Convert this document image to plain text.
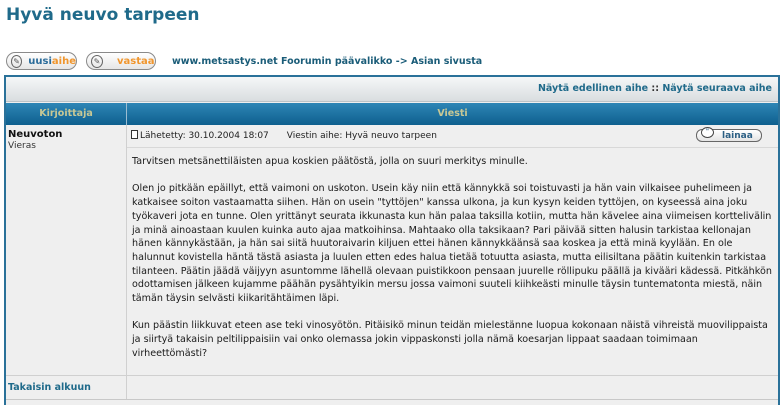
Hyvä neuvo tarpeen
✎ uusi aihe	✎ vastaa www.metsastys.net Foorumin päävalikko -> Asian sivusta
Näytä edellinen aihe :: Näytä seuraava aihe
Kirjoittaja	Viesti
Neuvoton
Vieras
Lähetetty: 30.10.2004 18:07 Viestin aihe: Hyvä neuvo tarpeen	"	lainaa

Tarvitsen metsänettiläisten apua koskien päätöstä, jolla on suuri merkitys minulle.

Olen jo pitkään epäillyt, että vaimoni on uskoton. Usein käy niin että kännykkä soi toistuvasti ja hän vain vilkaisee puhelimeen ja katkaisee soiton vastaamatta siihen. Hän on usein "tyttöjen" kanssa ulkona, ja kun kysyn keiden tyttöjen, on kyseessä aina joku työkaveri jota en tunne. Olen yrittänyt seurata ikkunasta kun hän palaa taksilla kotiin, mutta hän kävelee aina viimeisen korttelivälin ja minä ainoastaan kuulen kuinka auto ajaa matkoihinsa. Mahtaako olla taksikaan? Pari päivää sitten halusin tarkistaa kellonajan hänen kännykästään, ja hän sai siitä huutoraivarin kiljuen ettei hänen kännykkäänsä saa koskea ja että minä kyylään. En ole halunnut kovistella häntä tästä asiasta ja luulen etten edes halua tietää totuutta asiasta, mutta eilisiltana päätin kuitenkin tarkistaa tilanteen. Päätin jäädä väijyyn asuntomme lähellä olevaan puistikkoon pensaan juurelle röllipuku päällä ja kivääri kädessä. Pitkähkön odottamisen jälkeen kujamme päähän pysähtyikin mersu jossa vaimoni suuteli kiihkeästi minulle täysin tuntematonta miestä, näin tämän täysin selvästi kiikaritähtäimen läpi.

Kun päästin liikkuvat eteen ase teki vinosyötön. Pitäisikö minun teidän mielestänne luopua kokonaan näistä vihreistä muovilippaista ja siirtyä takaisin peltilippaisiin vai onko olemassa jokin vippaskonsti jolla nämä koesarjan lippaat saadaan toimimaan virheettömästi?

Takaisin alkuun
